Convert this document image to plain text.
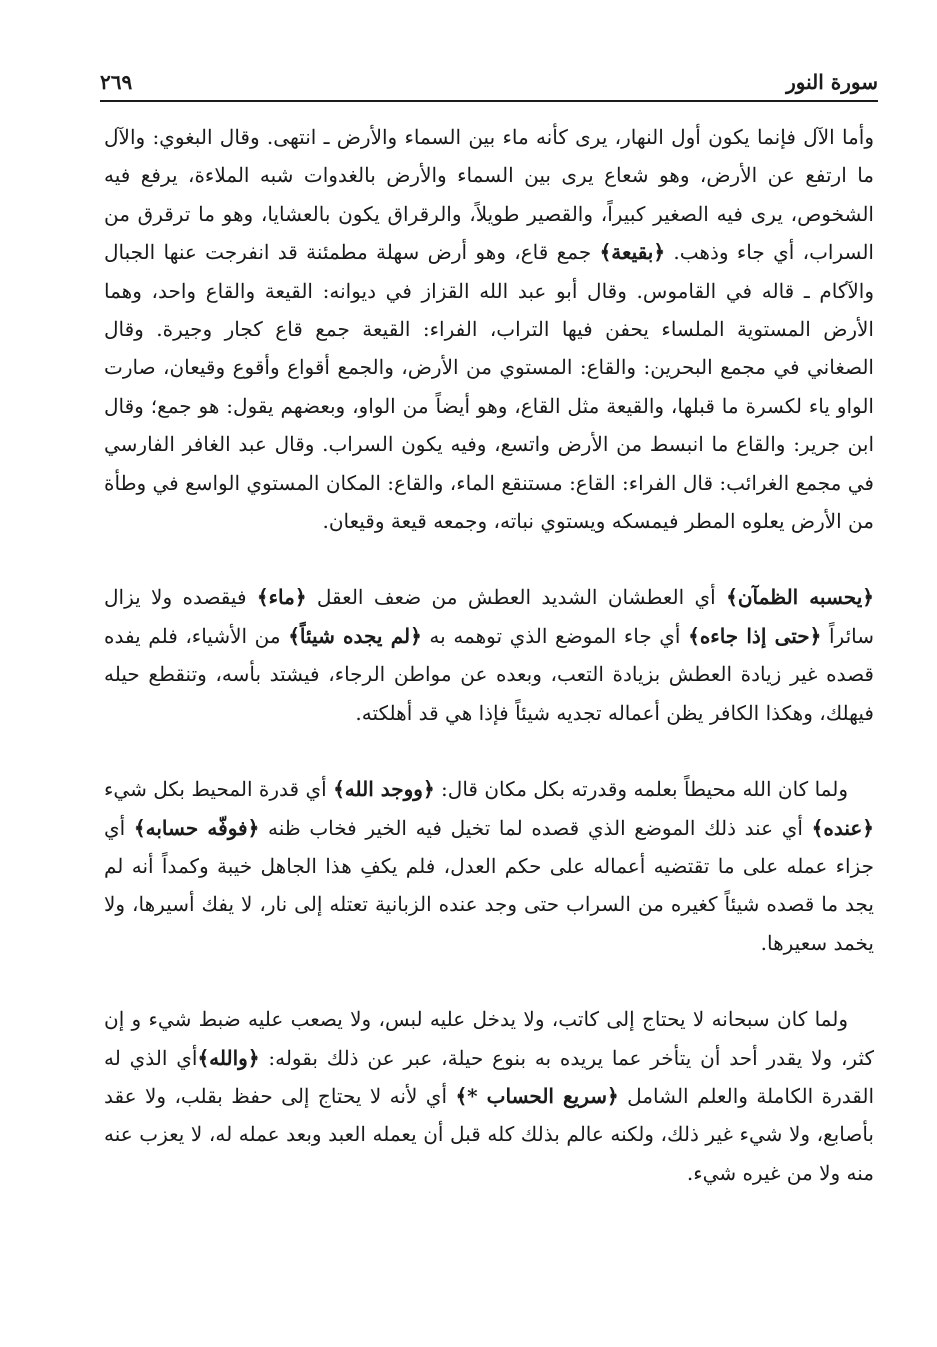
سورة النور
٢٦٩

وأما الآل فإنما يكون أول النهار، يرى كأنه ماء بين السماء والأرض ـ انتهى. وقال البغوي: والآل ما ارتفع عن الأرض، وهو شعاع يرى بين السماء والأرض بالغدوات شبه الملاءة، يرفع فيه الشخوص، يرى فيه الصغير كبيراً، والقصير طويلاً، والرقراق يكون بالعشايا، وهو ما ترقرق من السراب، أي جاء وذهب. ﴿بقيعة﴾ جمع قاع، وهو أرض سهلة مطمئنة قد انفرجت عنها الجبال والآكام ـ قاله في القاموس. وقال أبو عبد الله القزاز في ديوانه: القيعة والقاع واحد، وهما الأرض المستوية الملساء يحفن فيها التراب، الفراء: القيعة جمع قاع كجار وجيرة. وقال الصغاني في مجمع البحرين: والقاع: المستوي من الأرض، والجمع أقواع وأقوع وقيعان، صارت الواو ياء لكسرة ما قبلها، والقيعة مثل القاع، وهو أيضاً من الواو، وبعضهم يقول: هو جمع؛ وقال ابن جرير: والقاع ما انبسط من الأرض واتسع، وفيه يكون السراب. وقال عبد الغافر الفارسي في مجمع الغرائب: قال الفراء: القاع: مستنقع الماء، والقاع: المكان المستوي الواسع في وطأة من الأرض يعلوه المطر فيمسكه ويستوي نباته، وجمعه قيعة وقيعان.

﴿يحسبه الظمآن﴾ أي العطشان الشديد العطش من ضعف العقل ﴿ماء﴾ فيقصده ولا يزال سائراً ﴿حتى إذا جاءه﴾ أي جاء الموضع الذي توهمه به ﴿لم يجده شيئاً﴾ من الأشياء، فلم يفده قصده غير زيادة العطش بزيادة التعب، وبعده عن مواطن الرجاء، فيشتد بأسه، وتنقطع حيله فيهلك، وهكذا الكافر يظن أعماله تجديه شيئاً فإذا هي قد أهلكته.

ولما كان الله محيطاً بعلمه وقدرته بكل مكان قال: ﴿ووجد الله﴾ أي قدرة المحيط بكل شيء ﴿عنده﴾ أي عند ذلك الموضع الذي قصده لما تخيل فيه الخير فخاب ظنه ﴿فوفّه حسابه﴾ أي جزاء عمله على ما تقتضيه أعماله على حكم العدل، فلم يكفِ هذا الجاهل خيبة وكمداً أنه لم يجد ما قصده شيئاً كغيره من السراب حتى وجد عنده الزبانية تعتله إلى نار، لا يفك أسيرها، ولا يخمد سعيرها.

ولما كان سبحانه لا يحتاج إلى كاتب، ولا يدخل عليه لبس، ولا يصعب عليه ضبط شيء و إن كثر، ولا يقدر أحد أن يتأخر عما يريده به بنوع حيلة، عبر عن ذلك بقوله: ﴿والله﴾أي الذي له القدرة الكاملة والعلم الشامل ﴿سريع الحساب *﴾ أي لأنه لا يحتاج إلى حفظ بقلب، ولا عقد بأصابع، ولا شيء غير ذلك، ولكنه عالم بذلك كله قبل أن يعمله العبد وبعد عمله له، لا يعزب عنه منه ولا من غيره شيء.
